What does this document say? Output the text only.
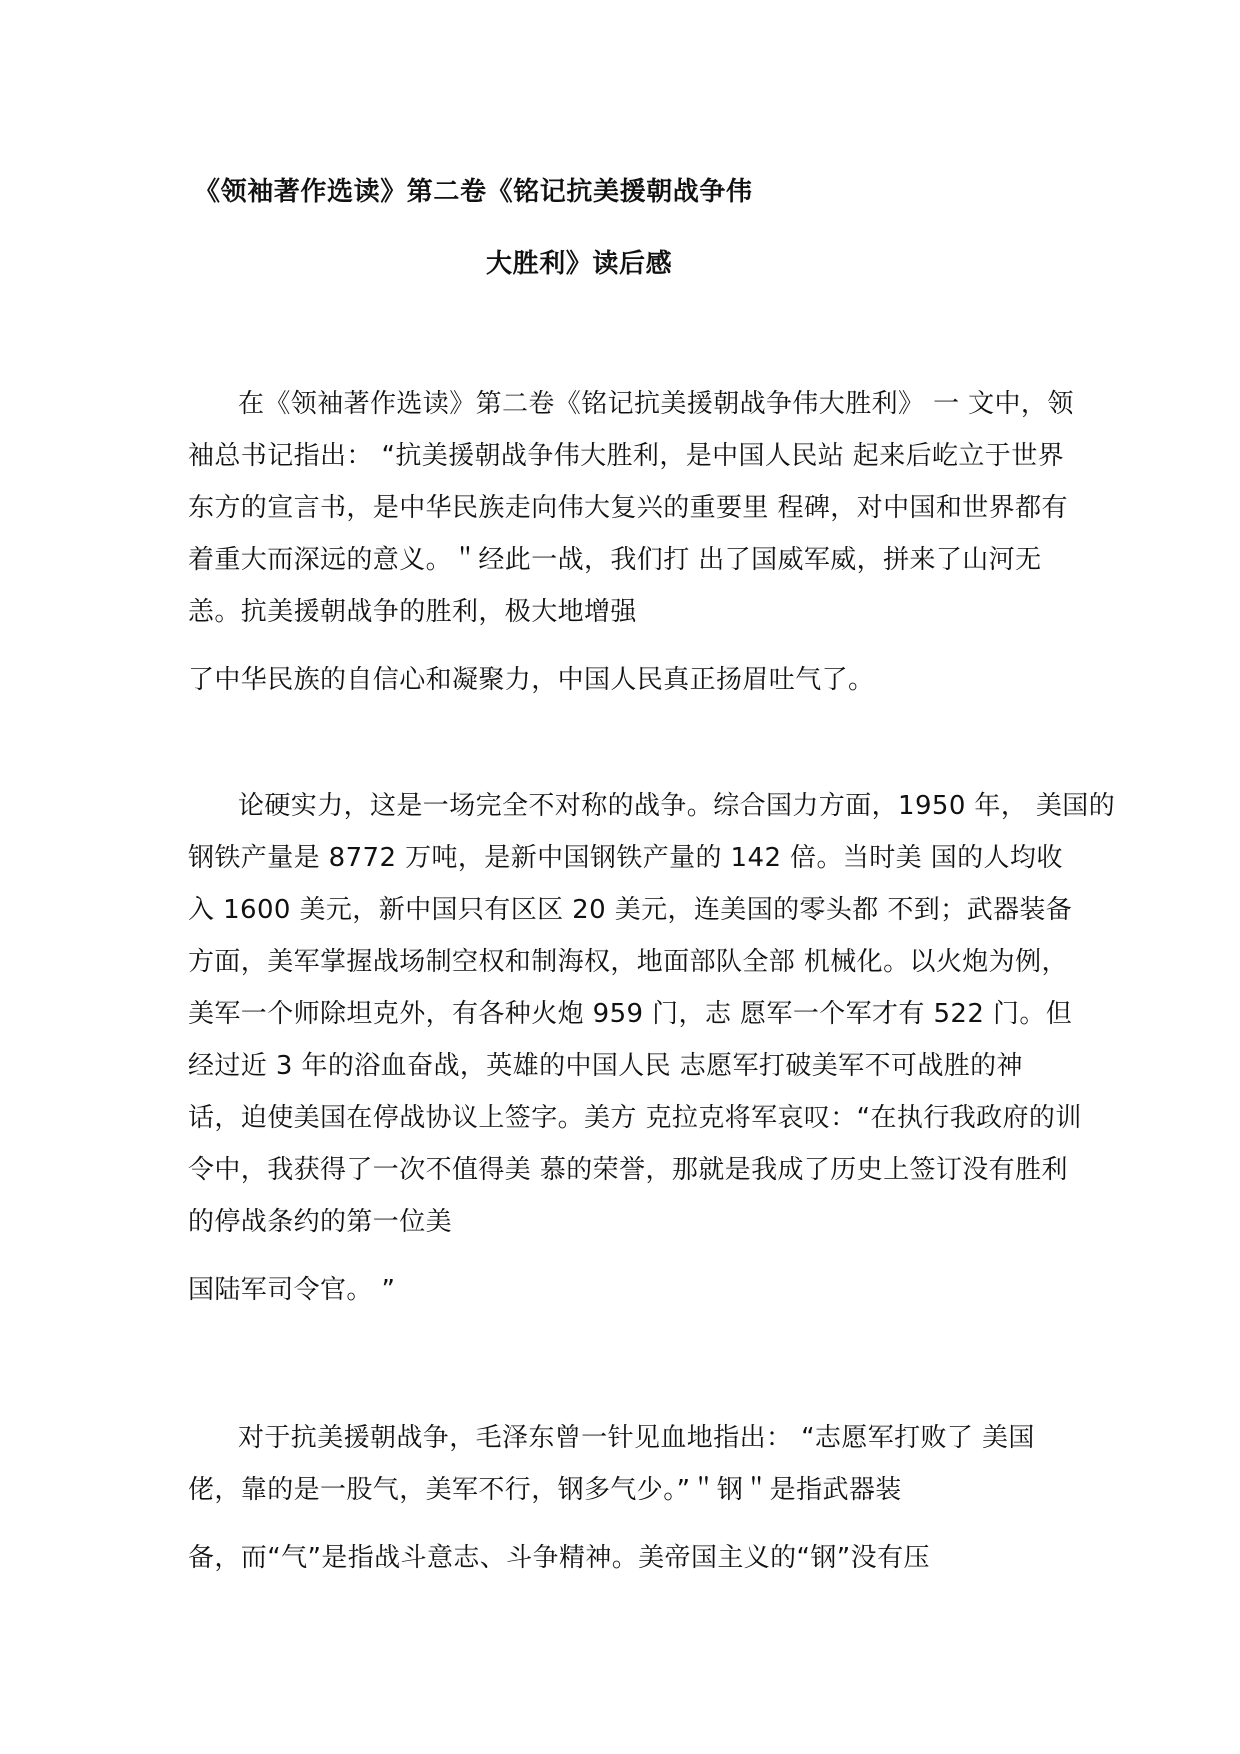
《领袖著作选读》第二卷《铭记抗美援朝战争伟
大胜利》读后感
在《领袖著作选读》第二卷《铭记抗美援朝战争伟大胜利》 一 文中，领
袖总书记指出： “抗美援朝战争伟大胜利，是中国人民站 起来后屹立于世界
东方的宣言书，是中华民族走向伟大复兴的重要里 程碑，对中国和世界都有
着重大而深远的意义。＂经此一战，我们打 出了国威军威，拼来了山河无
恙。抗美援朝战争的胜利，极大地增强
了中华民族的自信心和凝聚力，中国人民真正扬眉吐气了。
论硬实力，这是一场完全不对称的战争。综合国力方面，1950 年， 美国的
钢铁产量是 8772 万吨，是新中国钢铁产量的 142 倍。当时美 国的人均收
入 1600 美元，新中国只有区区 20 美元，连美国的零头都 不到；武器装备
方面，美军掌握战场制空权和制海权，地面部队全部 机械化。以火炮为例，
美军一个师除坦克外，有各种火炮 959 门，志 愿军一个军才有 522 门。但
经过近 3 年的浴血奋战，英雄的中国人民 志愿军打破美军不可战胜的神
话，迫使美国在停战协议上签字。美方 克拉克将军哀叹：“在执行我政府的训
令中，我获得了一次不值得美 慕的荣誉，那就是我成了历史上签订没有胜利
的停战条约的第一位美
国陆军司令官。 ”
对于抗美援朝战争，毛泽东曾一针见血地指出： “志愿军打败了 美国
佬，靠的是一股气，美军不行，钢多气少。”＂钢＂是指武器装
备，而“气”是指战斗意志、斗争精神。美帝国主义的“钢”没有压
